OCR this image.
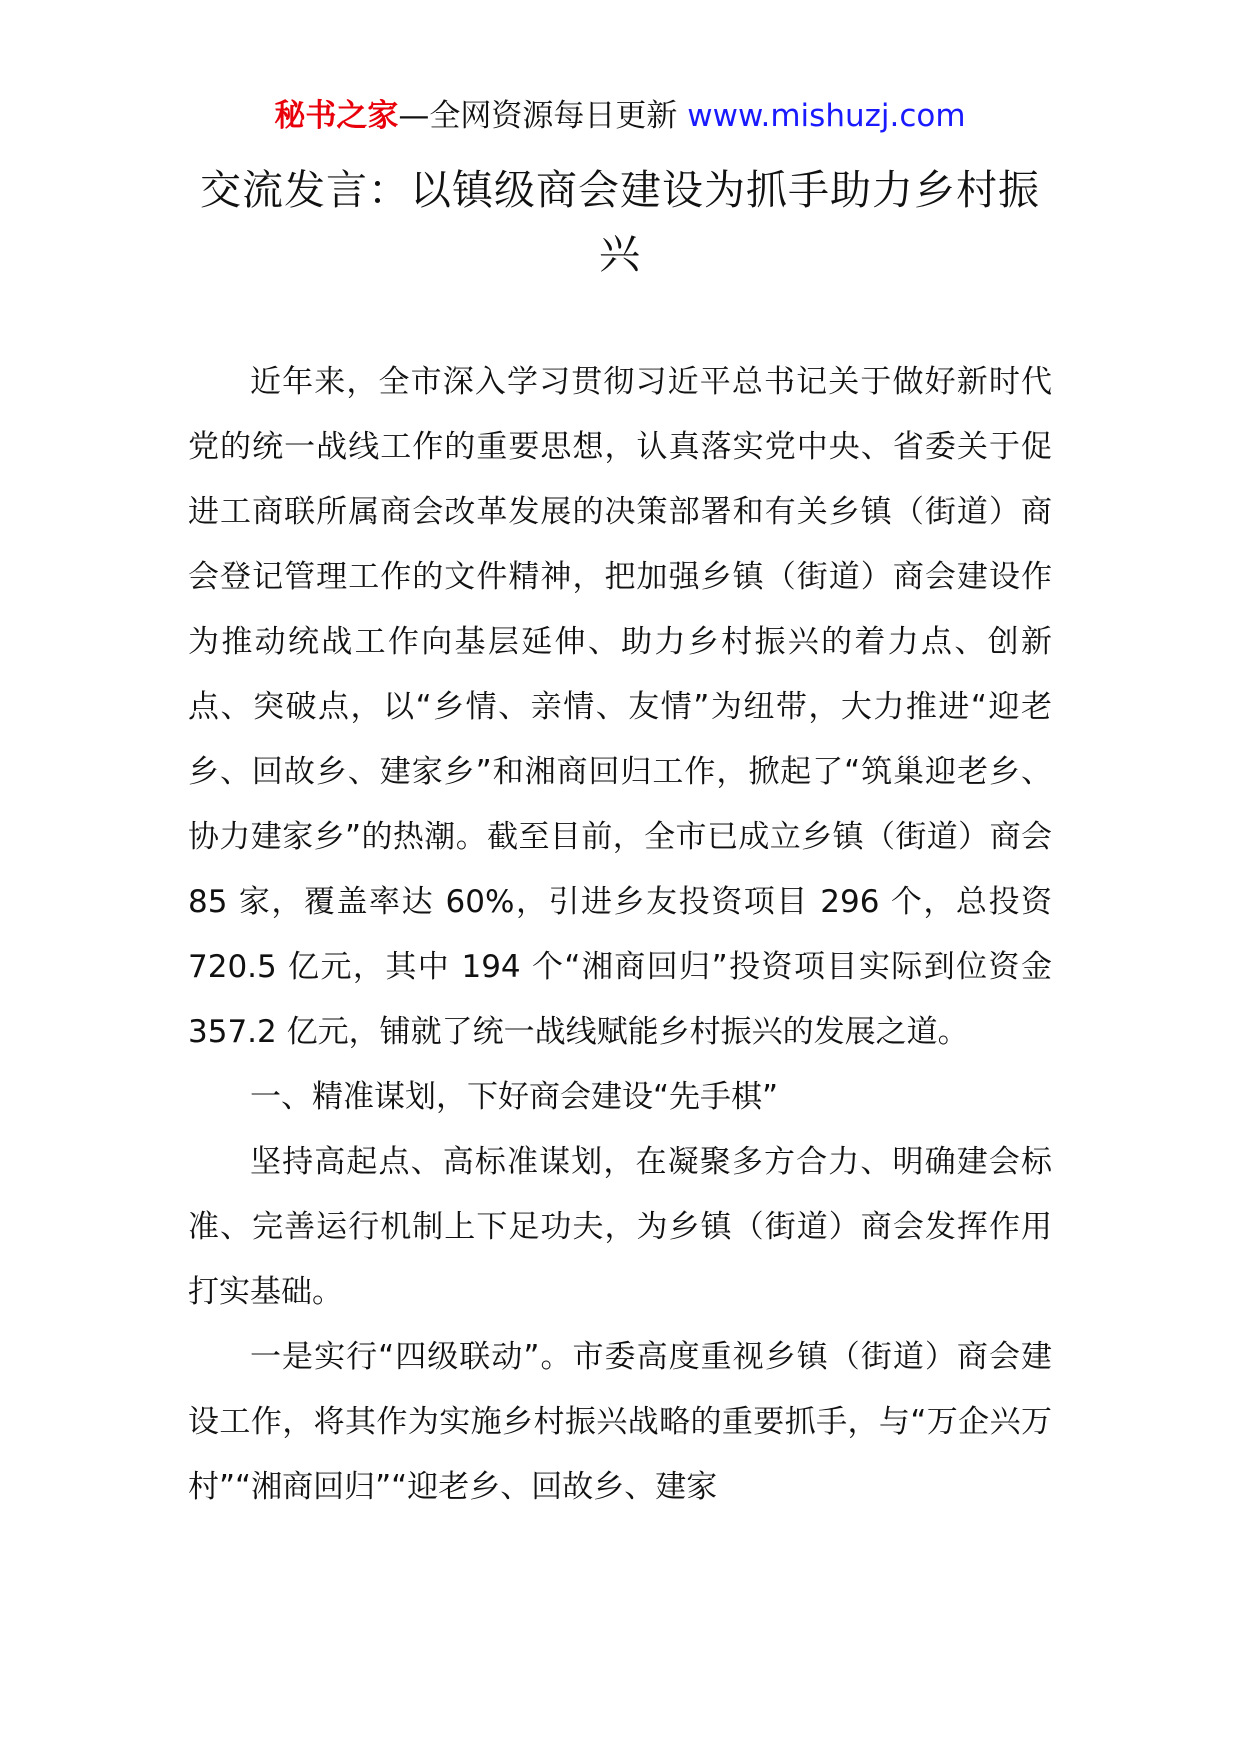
秘书之家—全网资源每日更新 www.mishuzj.com
交流发言：以镇级商会建设为抓手助力乡村振兴

近年来，全市深入学习贯彻习近平总书记关于做好新时代党的统一战线工作的重要思想，认真落实党中央、省委关于促进工商联所属商会改革发展的决策部署和有关乡镇（街道）商会登记管理工作的文件精神，把加强乡镇（街道）商会建设作为推动统战工作向基层延伸、助力乡村振兴的着力点、创新点、突破点，以“乡情、亲情、友情”为纽带，大力推进“迎老乡、回故乡、建家乡”和湘商回归工作，掀起了“筑巢迎老乡、协力建家乡”的热潮。截至目前，全市已成立乡镇（街道）商会 85 家，覆盖率达 60%，引进乡友投资项目 296 个，总投资 720.5 亿元，其中 194 个“湘商回归”投资项目实际到位资金 357.2 亿元，铺就了统一战线赋能乡村振兴的发展之道。

一、精准谋划，下好商会建设“先手棋”

坚持高起点、高标准谋划，在凝聚多方合力、明确建会标准、完善运行机制上下足功夫，为乡镇（街道）商会发挥作用打实基础。

一是实行“四级联动”。市委高度重视乡镇（街道）商会建设工作，将其作为实施乡村振兴战略的重要抓手，与“万企兴万村”“湘商回归”“迎老乡、回故乡、建家
